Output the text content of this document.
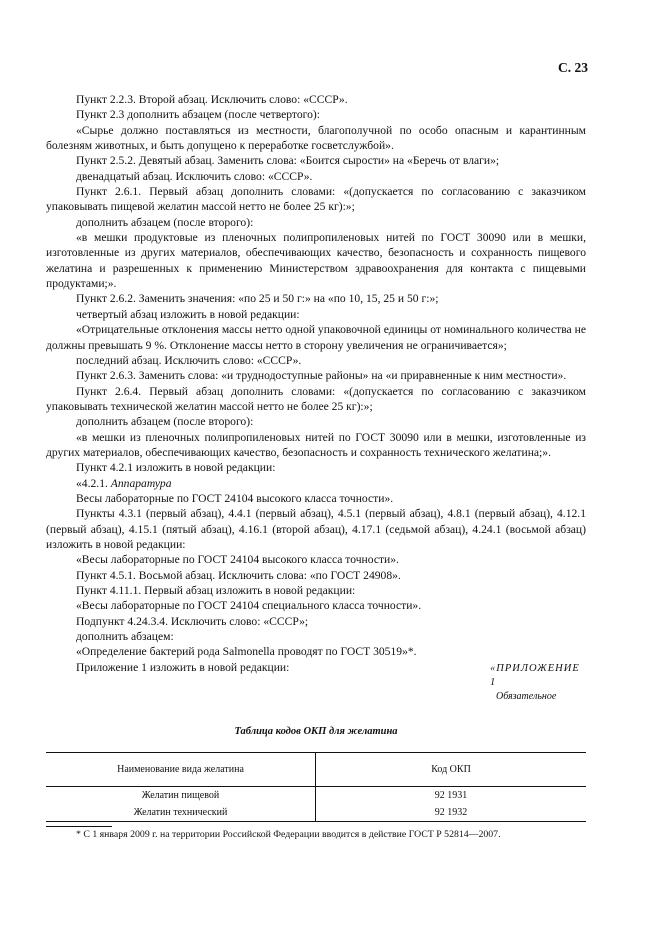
С. 23

Пункт 2.2.3. Второй абзац. Исключить слово: «СССР».

Пункт 2.3 дополнить абзацем (после четвертого):

«Сырье должно поставляться из местности, благополучной по особо опасным и карантинным болезням животных, и быть допущено к переработке госветслужбой».

Пункт 2.5.2. Девятый абзац. Заменить слова: «Боится сырости» на «Беречь от влаги»;

двенадцатый абзац. Исключить слово: «СССР».

Пункт 2.6.1. Первый абзац дополнить словами: «(допускается по согласованию с заказчиком упаковывать пищевой желатин массой нетто не более 25 кг):»;

дополнить абзацем (после второго):

«в мешки продуктовые из пленочных полипропиленовых нитей по ГОСТ 30090 или в мешки, изготовленные из других материалов, обеспечивающих качество, безопасность и сохранность пищевого желатина и разрешенных к применению Министерством здравоохранения для контакта с пищевыми продуктами;».

Пункт 2.6.2. Заменить значения: «по 25 и 50 г:» на «по 10, 15, 25 и 50 г:»;

четвертый абзац изложить в новой редакции:

«Отрицательные отклонения массы нетто одной упаковочной единицы от номинального количества не должны превышать 9 %. Отклонение массы нетто в сторону увеличения не ограничивается»;

последний абзац. Исключить слово: «СССР».

Пункт 2.6.3. Заменить слова: «и труднодоступные районы» на «и приравненные к ним местности».

Пункт 2.6.4. Первый абзац дополнить словами: «(допускается по согласованию с заказчиком упаковывать технической желатин массой нетто не более 25 кг):»;

дополнить абзацем (после второго):

«в мешки из пленочных полипропиленовых нитей по ГОСТ 30090 или в мешки, изготовленные из других материалов, обеспечивающих качество, безопасность и сохранность технического желатина;».

Пункт 4.2.1 изложить в новой редакции:

«4.2.1. Аппаратура

Весы лабораторные по ГОСТ 24104 высокого класса точности».

Пункты 4.3.1 (первый абзац), 4.4.1 (первый абзац), 4.5.1 (первый абзац), 4.8.1 (первый абзац), 4.12.1 (первый абзац), 4.15.1 (пятый абзац), 4.16.1 (второй абзац), 4.17.1 (седьмой абзац), 4.24.1 (восьмой абзац) изложить в новой редакции:

«Весы лабораторные по ГОСТ 24104 высокого класса точности».

Пункт 4.5.1. Восьмой абзац. Исключить слова: «по ГОСТ 24908».

Пункт 4.11.1. Первый абзац изложить в новой редакции:

«Весы лабораторные по ГОСТ 24104 специального класса точности».

Подпункт 4.24.3.4. Исключить слово: «СССР»;

дополнить абзацем:

«Определение бактерий рода Salmonella проводят по ГОСТ 30519»*.

Приложение 1 изложить в новой редакции:	«ПРИЛОЖЕНИЕ 1
Обязательное
Таблица кодов ОКП для желатина
Наименование вида желатина	Код ОКП
Желатин пищевой	92 1931
Желатин технический	92 1932
* С 1 января 2009 г. на территории Российской Федерации вводится в действие ГОСТ Р 52814—2007.
